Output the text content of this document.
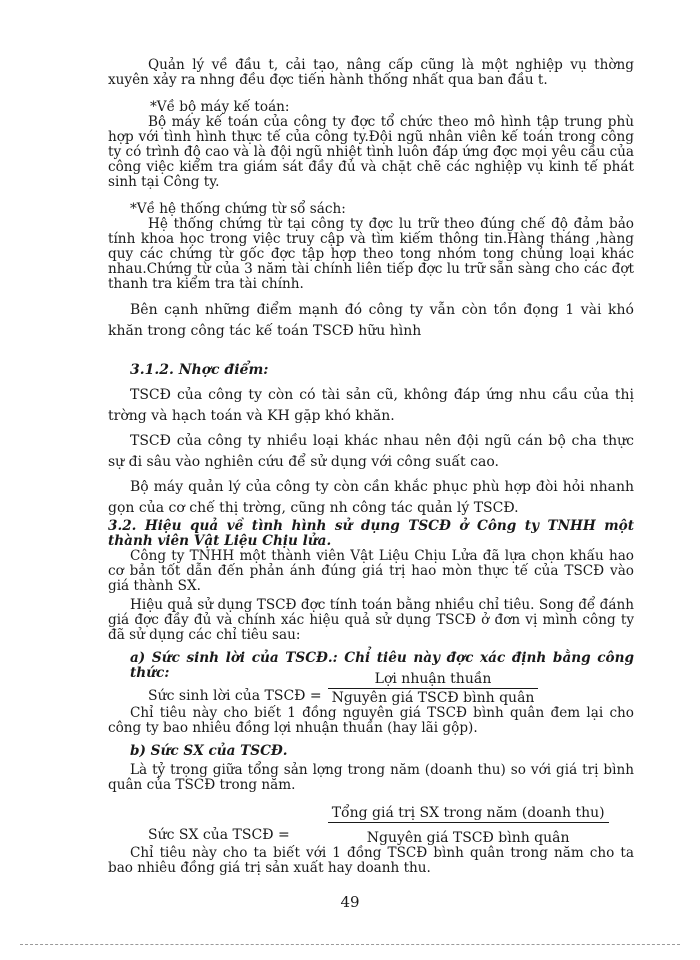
Quản lý về đầu t, cải tạo, nâng cấp cũng là một nghiệp vụ thờng xuyên xảy ra nhng đều đợc tiến hành thống nhất qua ban đầu t.

*Về bộ máy kế toán:

Bộ máy kế toán của công ty đợc tổ chức theo mô hình tập trung phù hợp với tình hình thực tế của công ty.Đội ngũ nhân viên kế toán trong công ty có trình độ cao và là đội ngũ nhiệt tình luôn đáp ứng đợc mọi yêu cầu của công việc kiểm tra giám sát đầy đủ và chặt chẽ các nghiệp vụ kinh tế phát sinh tại Công ty.

*Về hệ thống chứng từ sổ sách:

Hệ thống chứng từ tại công ty đợc lu trữ theo đúng chế độ đảm bảo tính khoa học trong việc truy cập và tìm kiếm thông tin.Hàng tháng ,hàng quy các chứng từ gốc đợc tập hợp theo tong nhóm tong chủng loại khác nhau.Chứng từ của 3 năm tài chính liên tiếp đợc lu trữ sẵn sàng cho các đợt thanh tra kiểm tra tài chính.

Bên cạnh những điểm mạnh đó công ty vẫn còn tồn đọng 1 vài khó khăn trong công tác kế toán TSCĐ hữu hình

3.1.2. Nhợc điểm:

TSCĐ của công ty còn có tài sản cũ, không đáp ứng nhu cầu của thị trờng và hạch toán và KH gặp khó khăn.

TSCĐ của công ty nhiều loại khác nhau nên đội ngũ cán bộ cha thực sự đi sâu vào nghiên cứu để sử dụng với công suất cao.

Bộ máy quản lý của công ty còn cần khắc phục phù hợp đòi hỏi nhanh gọn của cơ chế thị trờng, cũng nh công tác quản lý TSCĐ.

3.2. Hiệu quả về tình hình sử dụng TSCĐ ở Công ty TNHH một thành viên Vật Liệu Chịu lửa.

Công ty TNHH một thành viên Vật Liệu Chịu Lửa đã lựa chọn khấu hao cơ bản tốt dẫn đến phản ánh đúng giá trị hao mòn thực tế của TSCĐ vào giá thành SX.

Hiệu quả sử dụng TSCĐ đợc tính toán bằng nhiều chỉ tiêu. Song để đánh giá đợc đầy đủ và chính xác hiệu quả sử dụng TSCĐ ở đơn vị mình công ty đã sử dụng các chỉ tiêu sau:

a) Sức sinh lời của TSCĐ.: Chỉ tiêu này đợc xác định bằng công thức:

Sức sinh lời của TSCĐ = $\frac{\text{Lợi nhuận thuần}}{\text{Nguyên giá TSCĐ bình quân}}$

Chỉ tiêu này cho biết 1 đồng nguyên giá TSCĐ bình quân đem lại cho công ty bao nhiêu đồng lợi nhuận thuần (hay lãi gộp).

b) Sức SX của TSCĐ.

Là tỷ trọng giữa tổng sản lợng trong năm (doanh thu) so với giá trị bình quân của TSCĐ trong năm.

Sức SX của TSCĐ =	$\frac{\text{Tổng giá trị SX trong năm (doanh thu)}}{\text{Nguyên giá TSCĐ bình quân}}$

Chỉ tiêu này cho ta biết với 1 đồng TSCĐ bình quân trong năm cho ta bao nhiêu đồng giá trị sản xuất hay doanh thu.

49
